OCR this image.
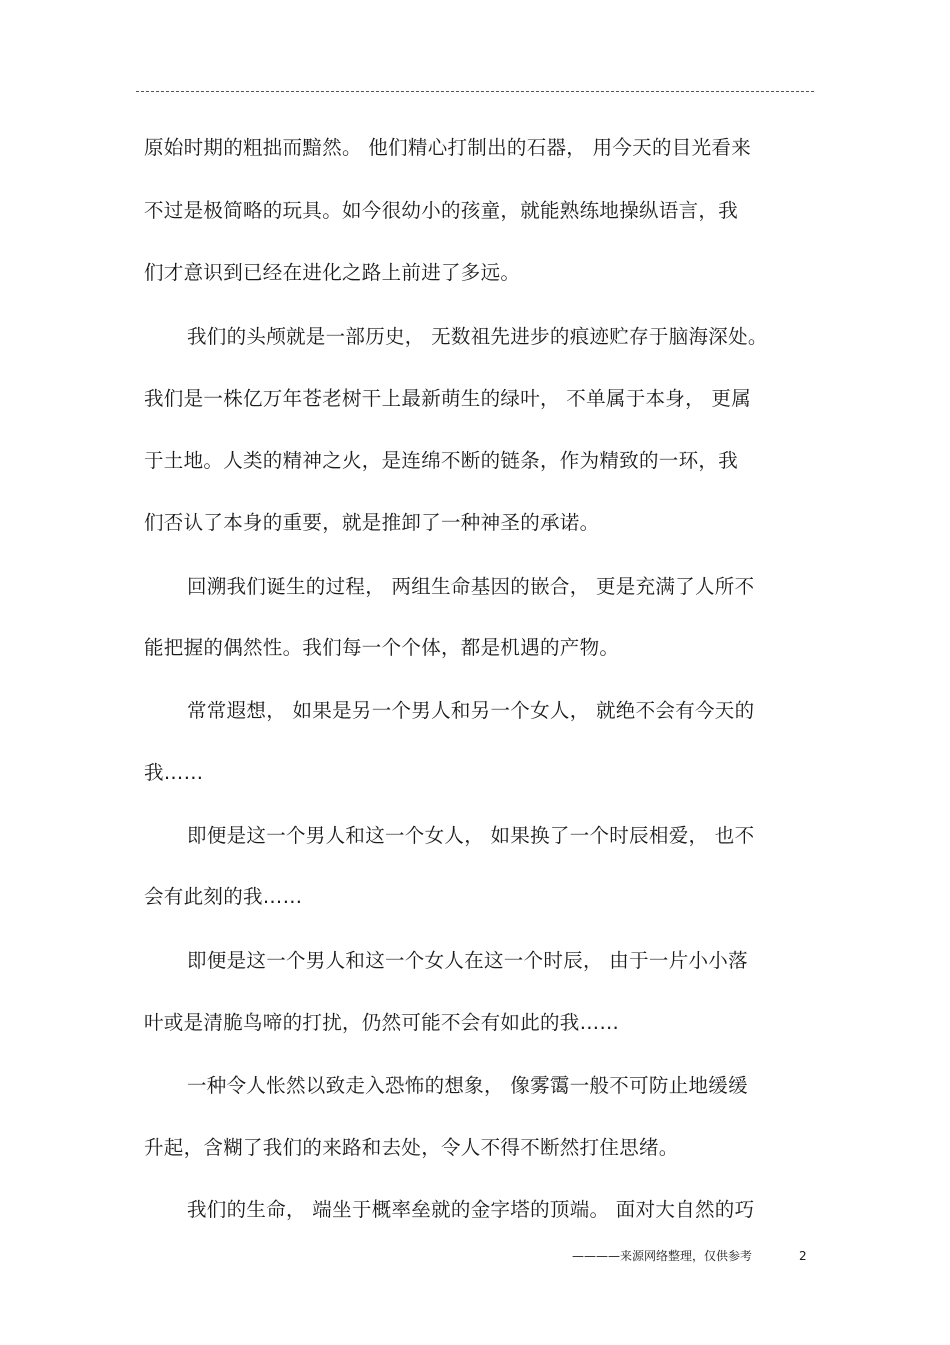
原始时期的粗拙而黯然。 他们精心打制出的石器， 用今天的目光看来

不过是极简略的玩具。如今很幼小的孩童，就能熟练地操纵语言，我

们才意识到已经在进化之路上前进了多远。

我们的头颅就是一部历史， 无数祖先进步的痕迹贮存于脑海深处。

我们是一株亿万年苍老树干上最新萌生的绿叶， 不单属于本身， 更属

于土地。人类的精神之火，是连绵不断的链条，作为精致的一环，我

们否认了本身的重要，就是推卸了一种神圣的承诺。

回溯我们诞生的过程， 两组生命基因的嵌合， 更是充满了人所不

能把握的偶然性。我们每一个个体，都是机遇的产物。

常常遐想， 如果是另一个男人和另一个女人， 就绝不会有今天的

我……

即便是这一个男人和这一个女人， 如果换了一个时辰相爱， 也不

会有此刻的我……

即便是这一个男人和这一个女人在这一个时辰， 由于一片小小落

叶或是清脆鸟啼的打扰，仍然可能不会有如此的我……

一种令人怅然以致走入恐怖的想象， 像雾霭一般不可防止地缓缓

升起，含糊了我们的来路和去处，令人不得不断然打住思绪。

我们的生命， 端坐于概率垒就的金字塔的顶端。 面对大自然的巧

————来源网络整理，仅供参考	2
